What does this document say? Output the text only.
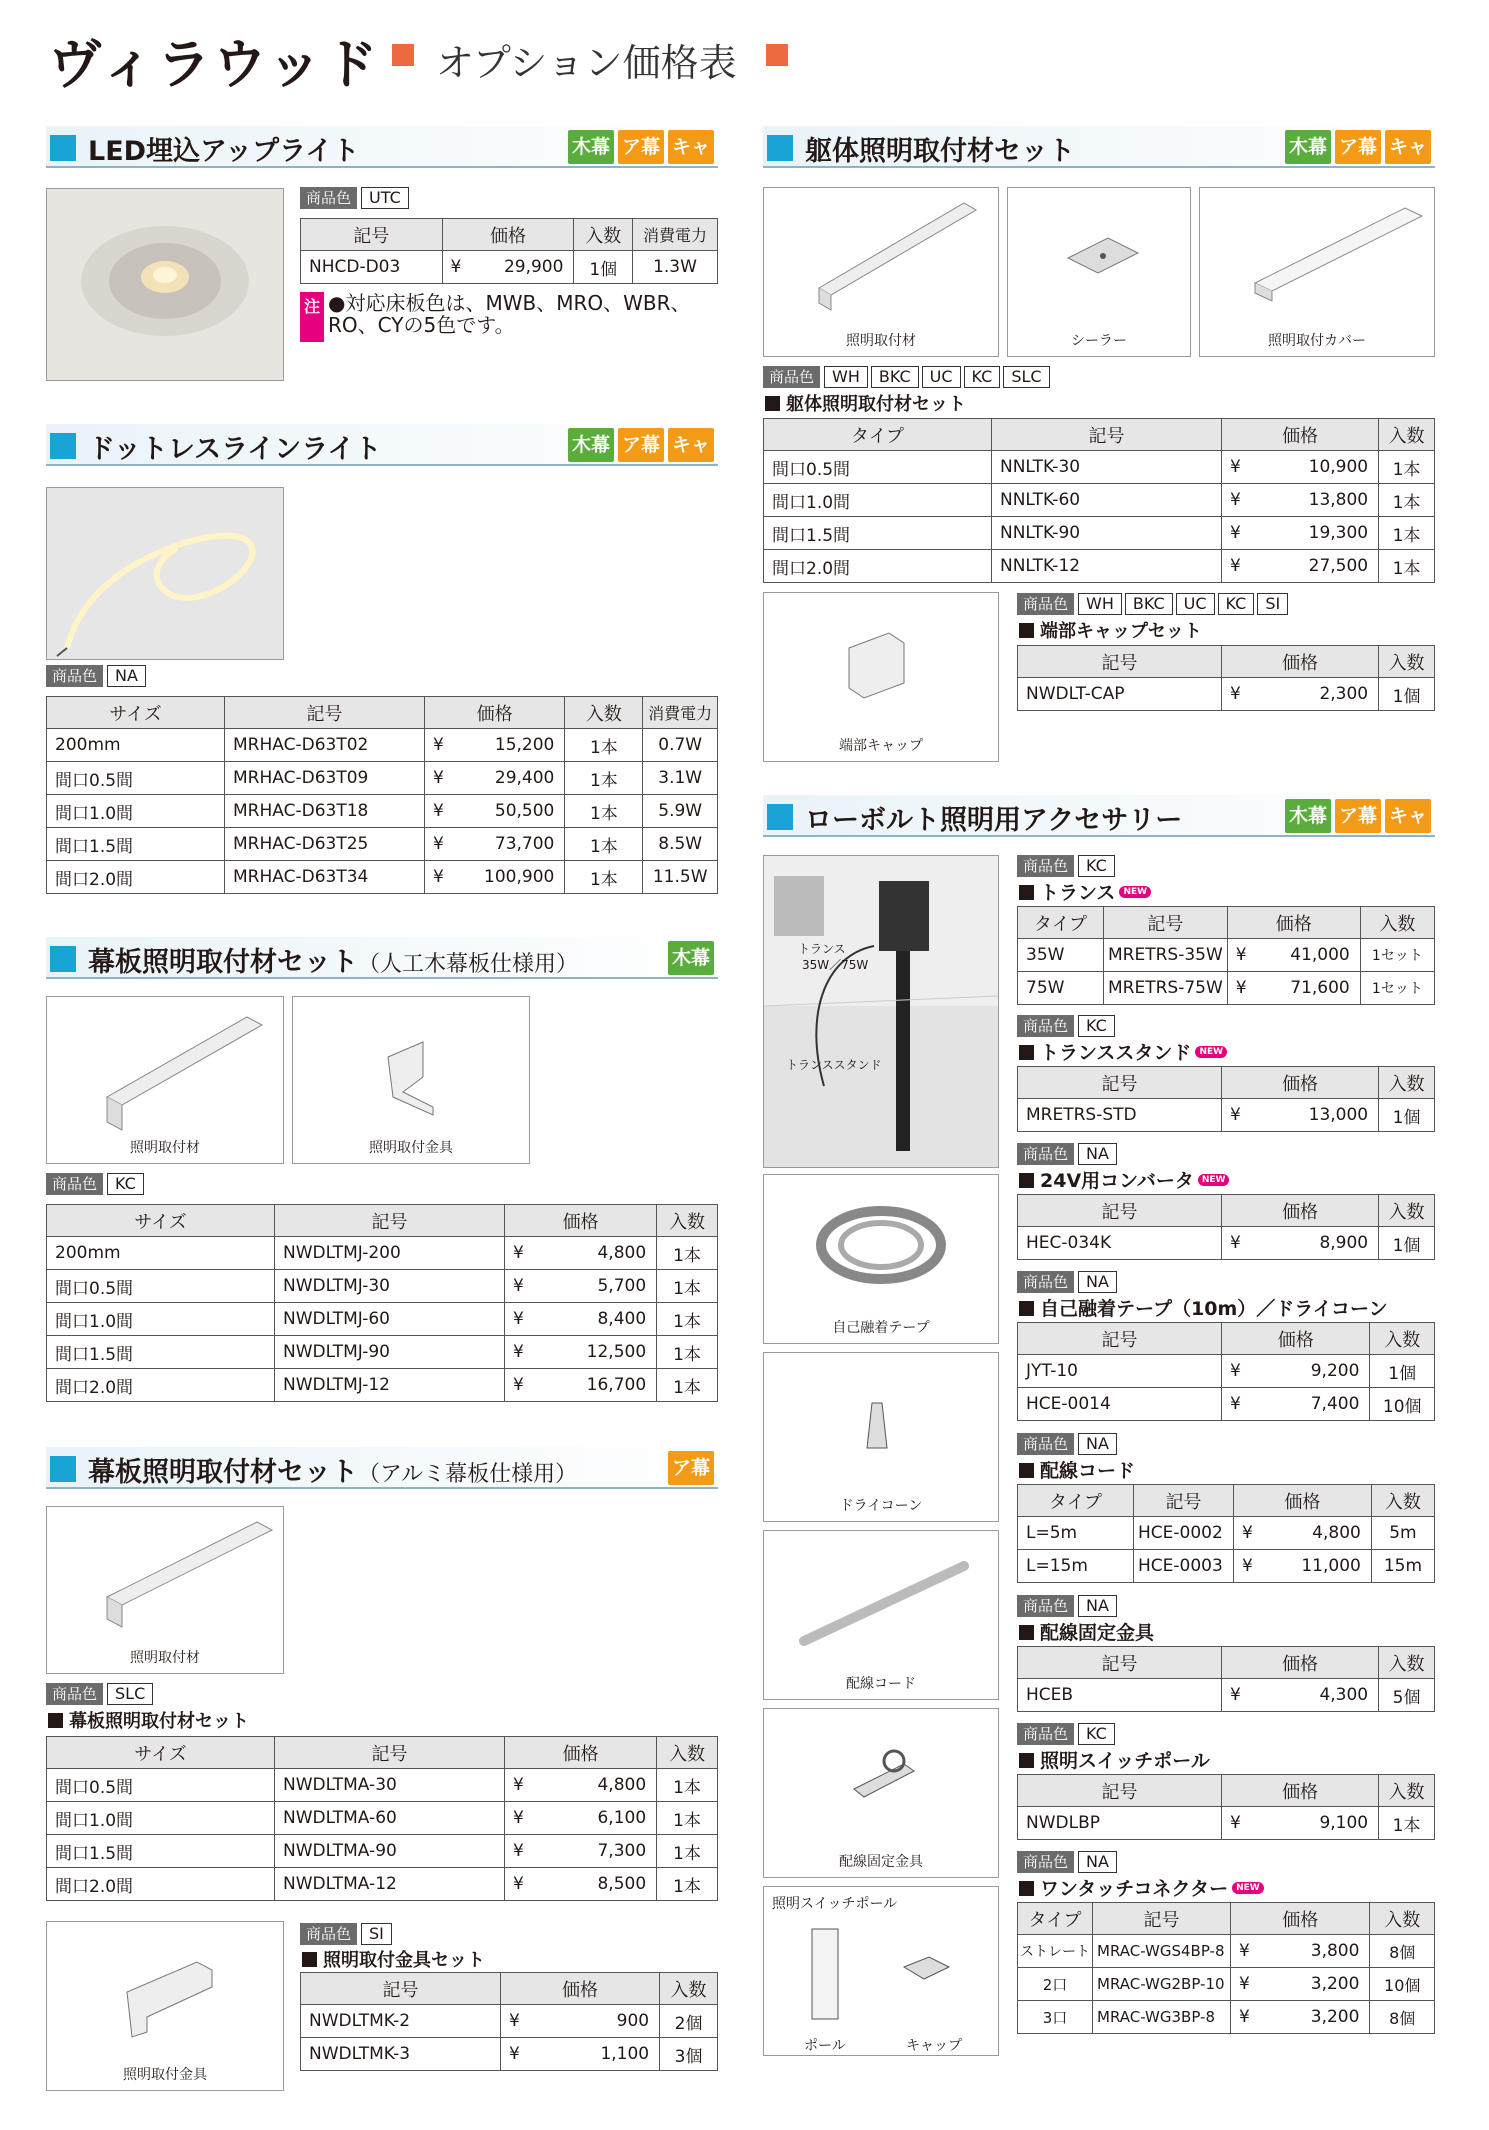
ヴィラウッド オプション価格表
LED埋込アップライト	木幕 ア幕 キャ
商品色	UTC
記号	価格		入数	消費電力
NHCD-D03	¥	29,900	1個	1.3W
注 ●対応床板色は、MWB、MRO、WBR、RO、CYの5色です。
ドットレスラインライト	木幕 ア幕 キャ
商品色	NA
サイズ	記号	価格		入数	消費電力
200mm	MRHAC-D63T02	¥	15,200	1本	0.7W
間口0.5間	MRHAC-D63T09	¥	29,400	1本	3.1W
間口1.0間	MRHAC-D63T18	¥	50,500	1本	5.9W
間口1.5間	MRHAC-D63T25	¥	73,700	1本	8.5W
間口2.0間	MRHAC-D63T34	¥	100,900	1本	11.5W
幕板照明取付材セット（人工木幕板仕様用）	木幕
照明取付材	照明取付金具
商品色	KC
サイズ	記号	価格		入数
200mm	NWDLTMJ-200	¥	4,800	1本
間口0.5間	NWDLTMJ-30	¥	5,700	1本
間口1.0間	NWDLTMJ-60	¥	8,400	1本
間口1.5間	NWDLTMJ-90	¥	12,500	1本
間口2.0間	NWDLTMJ-12	¥	16,700	1本
幕板照明取付材セット（アルミ幕板仕様用）	ア幕
照明取付材
商品色	SLC
幕板照明取付材セット
サイズ	記号	価格		入数
間口0.5間	NWDLTMA-30	¥	4,800	1本
間口1.0間	NWDLTMA-60	¥	6,100	1本
間口1.5間	NWDLTMA-90	¥	7,300	1本
間口2.0間	NWDLTMA-12	¥	8,500	1本
照明取付金具
商品色	SI
照明取付金具セット
記号	価格		入数
NWDLTMK-2	¥	900	2個
NWDLTMK-3	¥	1,100	3個
躯体照明取付材セット	木幕 ア幕 キャ
照明取付材	シーラー	照明取付カバー
商品色	WH	BKC	UC	KC	SLC
躯体照明取付材セット
タイプ	記号	価格		入数
間口0.5間	NNLTK-30	¥	10,900	1本
間口1.0間	NNLTK-60	¥	13,800	1本
間口1.5間	NNLTK-90	¥	19,300	1本
間口2.0間	NNLTK-12	¥	27,500	1本
端部キャップ
商品色	WH	BKC	UC	KC	SI
端部キャップセット
記号	価格		入数
NWDLT-CAP	¥	2,300	1個
ローボルト照明用アクセサリー	木幕 ア幕 キャ
トランス
35W／75W
トランススタンド
自己融着テープ
ドライコーン
配線コード
配線固定金具
照明スイッチポール
ポール	キャップ
商品色	KC
トランス NEW
タイプ	記号	価格		入数
35W	MRETRS-35W	¥	41,000	1セット
75W	MRETRS-75W	¥	71,600	1セット
商品色	KC
トランススタンド NEW
記号	価格		入数
MRETRS-STD	¥	13,000	1個
商品色	NA
24V用コンバータ NEW
記号	価格		入数
HEC-034K	¥	8,900	1個
商品色	NA
自己融着テープ（10m）／ドライコーン
記号	価格		入数
JYT-10	¥	9,200	1個
HCE-0014	¥	7,400	10個
商品色	NA
配線コード
タイプ	記号	価格		入数
L=5m	HCE-0002	¥	4,800	5m
L=15m	HCE-0003	¥	11,000	15m
商品色	NA
配線固定金具
記号	価格		入数
HCEB	¥	4,300	5個
商品色	KC
照明スイッチポール
記号	価格		入数
NWDLBP	¥	9,100	1本
商品色	NA
ワンタッチコネクター NEW
タイプ	記号	価格		入数
ストレート	MRAC-WGS4BP-8	¥	3,800	8個
2口	MRAC-WG2BP-10	¥	3,200	10個
3口	MRAC-WG3BP-8	¥	3,200	8個
